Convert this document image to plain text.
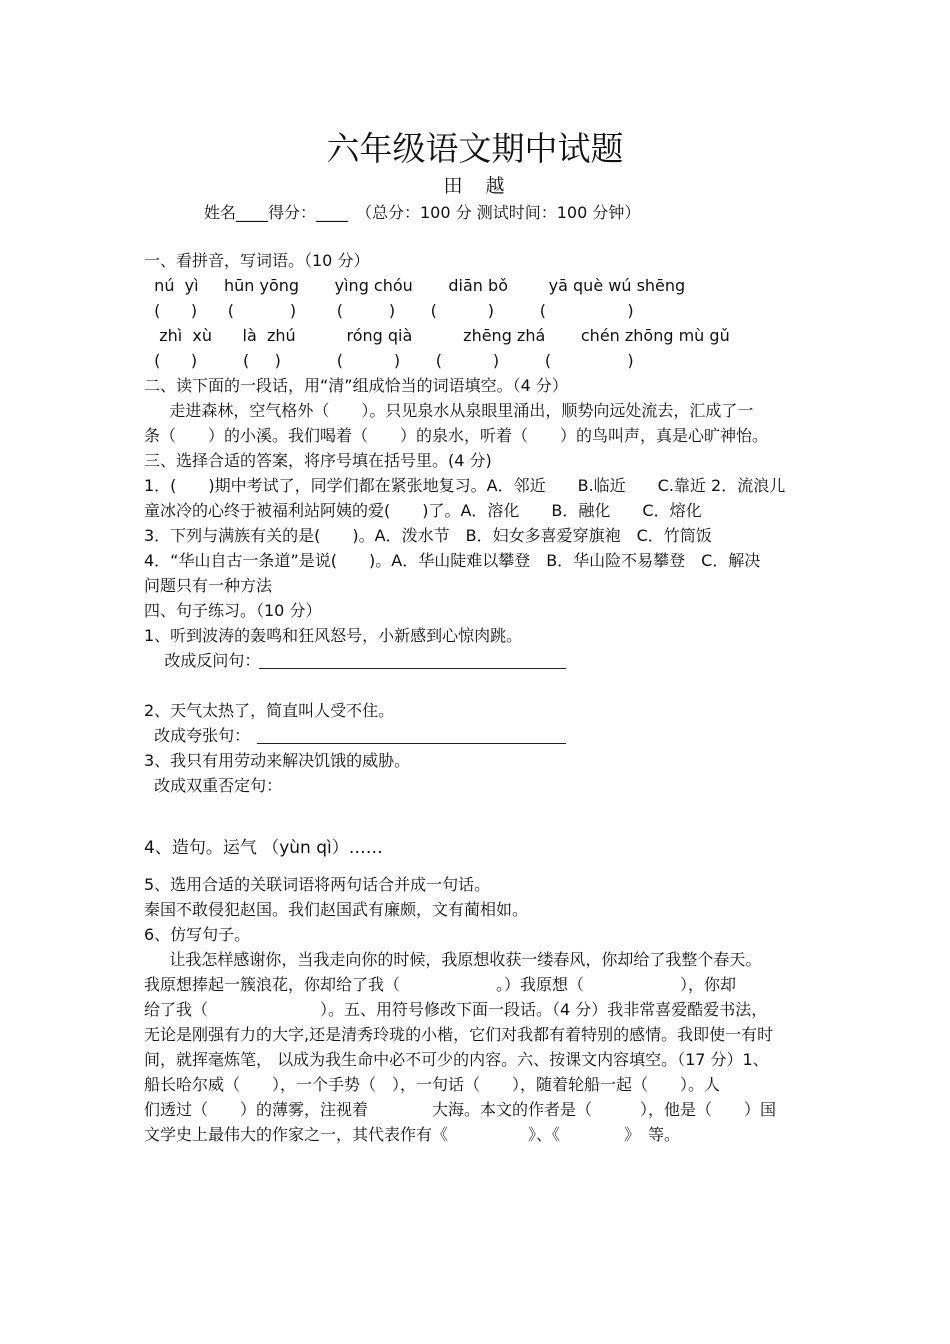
六年级语文期中试题
田　越
姓名____得分：____　（总分：100 分 测试时间：100 分钟）
一、看拼音，写词语。（10 分）
nú  yì     hūn yōng       yìng chóu       diān bǒ        yā què wú shēng
(      )      (           )        (         )       (          )         (                )
zhì  xù      là  zhú          róng qià          zhēng zhá       chén zhōng mù gǔ
(      )         (     )           (          )       (          )         (               )
二、读下面的一段话，用“清”组成恰当的词语填空。（4 分）
走进森林，空气格外（　　）。只见泉水从泉眼里涌出，顺势向远处流去，汇成了一
条（　　）的小溪。我们喝着（　　）的泉水，听着（　　）的鸟叫声，真是心旷神怡。
三、选择合适的答案，将序号填在括号里。(4 分)
1．(　　)期中考试了，同学们都在紧张地复习。A．邻近　　B.临近　　C.靠近 2．流浪儿
童冰冷的心终于被福利站阿姨的爱(　　)了。A．溶化　　B．融化　　C．熔化
3．下列与满族有关的是(　　)。A．泼水节　B．妇女多喜爱穿旗袍　C．竹筒饭
4．“华山自古一条道”是说(　　)。A．华山陡难以攀登　B．华山险不易攀登　C．解决
问题只有一种方法
四、句子练习。（10 分）
1、听到波涛的轰鸣和狂风怒号，小新感到心惊肉跳。
改成反问句：
2、天气太热了，简直叫人受不住。
改成夸张句：
3、我只有用劳动来解决饥饿的威胁。
改成双重否定句：
4、造句。运气 （yùn qì）……
5、选用合适的关联词语将两句话合并成一句话。
秦国不敢侵犯赵国。我们赵国武有廉颇，文有蔺相如。
6、仿写句子。
让我怎样感谢你，当我走向你的时候，我原想收获一缕春风，你却给了我整个春天。
我原想捧起一簇浪花，你却给了我（　　　　　　。）我原想（　　　　　　），你却
给了我（　　　　　　　）。五、用符号修改下面一段话。（4 分）我非常喜爱酷爱书法，
无论是刚强有力的大字,还是清秀玲珑的小楷，它们对我都有着特别的感情。我即使一有时
间，就挥毫炼笔， 以成为我生命中必不可少的内容。六、按课文内容填空。（17 分）1、
船长哈尔威（　　），一个手势（　），一句话（　　），随着轮船一起（　　）。人
们透过（　　）的薄雾，注视着　　　　大海。本文的作者是（　　　），他是（　　）国
文学史上最伟大的作家之一，其代表作有《　　　　　》、《　　　　》　等。
